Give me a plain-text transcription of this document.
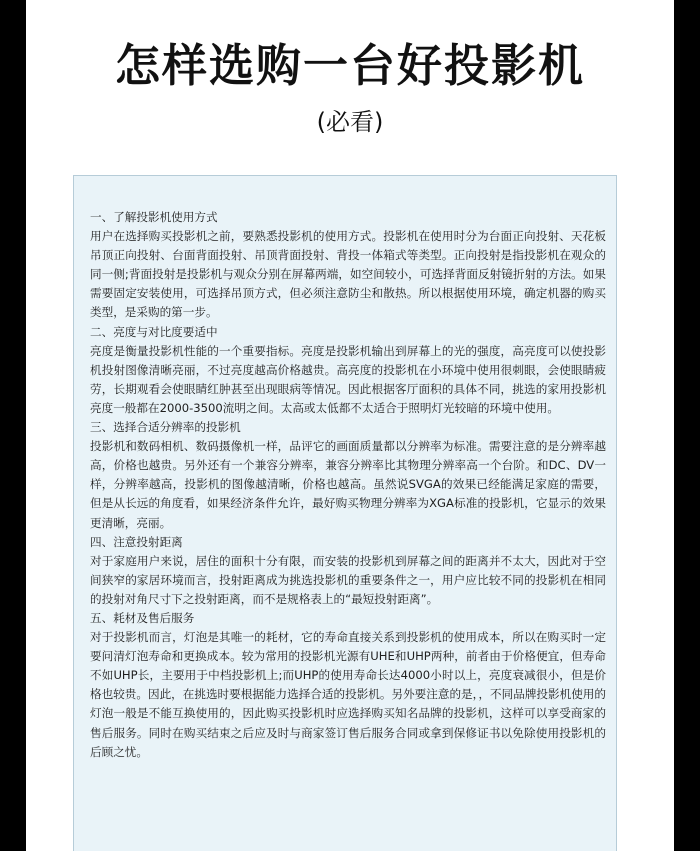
怎样选购一台好投影机
(必看)

一、了解投影机使用方式

用户在选择购买投影机之前，要熟悉投影机的使用方式。投影机在使用时分为台面正向投射、天花板吊顶正向投射、台面背面投射、吊顶背面投射、背投一体箱式等类型。正向投射是指投影机在观众的同一侧;背面投射是投影机与观众分别在屏幕两端，如空间较小，可选择背面反射镜折射的方法。如果需要固定安装使用，可选择吊顶方式，但必须注意防尘和散热。所以根据使用环境，确定机器的购买类型，是采购的第一步。

二、亮度与对比度要适中

亮度是衡量投影机性能的一个重要指标。亮度是投影机输出到屏幕上的光的强度，高亮度可以使投影机投射图像清晰亮丽，不过亮度越高价格越贵。高亮度的投影机在小环境中使用很刺眼，会使眼睛疲劳，长期观看会使眼睛红肿甚至出现眼病等情况。因此根据客厅面积的具体不同，挑选的家用投影机亮度一般都在2000-3500流明之间。太高或太低都不太适合于照明灯光较暗的环境中使用。

三、选择合适分辨率的投影机

投影机和数码相机、数码摄像机一样，品评它的画面质量都以分辨率为标准。需要注意的是分辨率越高，价格也越贵。另外还有一个兼容分辨率，兼容分辨率比其物理分辨率高一个台阶。和DC、DV一样，分辨率越高，投影机的图像越清晰，价格也越高。虽然说SVGA的效果已经能满足家庭的需要，但是从长远的角度看，如果经济条件允许，最好购买物理分辨率为XGA标准的投影机，它显示的效果更清晰，亮丽。

四、注意投射距离

对于家庭用户来说，居住的面积十分有限，而安装的投影机到屏幕之间的距离并不太大，因此对于空间狭窄的家居环境而言，投射距离成为挑选投影机的重要条件之一，用户应比较不同的投影机在相同的投射对角尺寸下之投射距离，而不是规格表上的“最短投射距离”。

五、耗材及售后服务

对于投影机而言，灯泡是其唯一的耗材，它的寿命直接关系到投影机的使用成本，所以在购买时一定要问清灯泡寿命和更换成本。较为常用的投影机光源有UHE和UHP两种，前者由于价格便宜，但寿命不如UHP长，主要用于中档投影机上;而UHP的使用寿命长达4000小时以上，亮度衰减很小，但是价格也较贵。因此，在挑选时要根据能力选择合适的投影机。另外要注意的是，，不同品牌投影机使用的灯泡一般是不能互换使用的，因此购买投影机时应选择购买知名品牌的投影机，这样可以享受商家的售后服务。同时在购买结束之后应及时与商家签订售后服务合同或拿到保修证书以免除使用投影机的后顾之忧。
